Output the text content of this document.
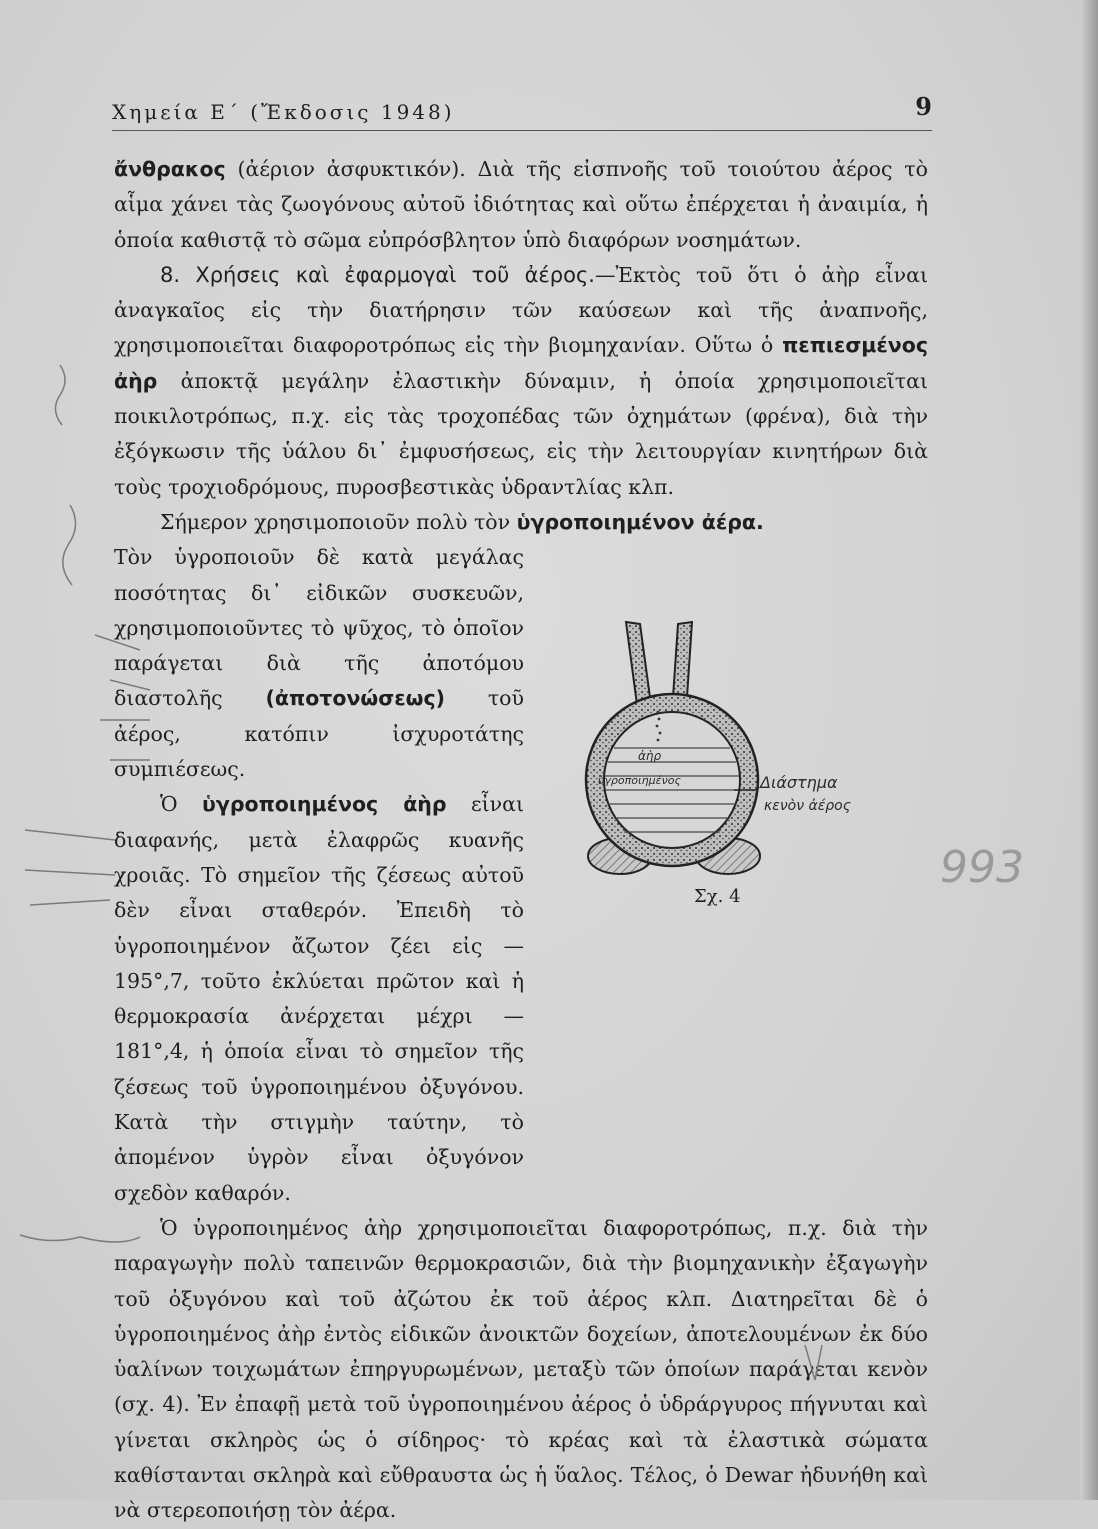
Χημεία Ε΄ (Ἔκδοσις 1948)	9

ἄνθρακος (ἀέριον ἀσφυκτικόν). Διὰ τῆς εἰσπνοῆς τοῦ τοιούτου ἀέρος τὸ αἷμα χάνει τὰς ζωογόνους αὐτοῦ ἰδιότητας καὶ οὕτω ἐπέρχεται ἡ ἀναιμία, ἡ ὁποία καθιστᾷ τὸ σῶμα εὐπρόσβλητον ὑπὸ διαφόρων νοσημάτων.

8. Χρήσεις καὶ ἐφαρμογαὶ τοῦ ἀέρος.—Ἐκτὸς τοῦ ὅτι ὁ ἀὴρ εἶναι ἀναγκαῖος εἰς τὴν διατήρησιν τῶν καύσεων καὶ τῆς ἀναπνοῆς, χρησιμοποιεῖται διαφοροτρόπως εἰς τὴν βιομηχανίαν. Οὕτω ὁ πεπιεσμένος ἀὴρ ἀποκτᾷ μεγάλην ἐλαστικὴν δύναμιν, ἡ ὁποία χρησιμοποιεῖται ποικιλοτρόπως, π.χ. εἰς τὰς τροχοπέδας τῶν ὀχημάτων (φρένα), διὰ τὴν ἐξόγκωσιν τῆς ὑάλου δι᾽ ἐμφυσήσεως, εἰς τὴν λειτουργίαν κινητήρων διὰ τοὺς τροχιοδρόμους, πυροσβεστικὰς ὑδραντλίας κλπ.

Σήμερον χρησιμοποιοῦν πολὺ τὸν ὑγροποιημένον ἀέρα.

Τὸν ὑγροποιοῦν δὲ κατὰ μεγάλας ποσότητας δι᾽ εἰδικῶν συσκευῶν, χρησιμοποιοῦντες τὸ ψῦχος, τὸ ὁποῖον παράγεται διὰ τῆς ἀποτόμου διαστολῆς (ἀποτονώσεως) τοῦ ἀέρος, κατόπιν ἰσχυροτάτης συμπιέσεως.

Ὁ ὑγροποιημένος ἀὴρ εἶναι διαφανής, μετὰ ἐλαφρῶς κυανῆς χροιᾶς. Τὸ σημεῖον τῆς ζέσεως αὐτοῦ δὲν εἶναι σταθερόν. Ἐπειδὴ τὸ ὑγροποιημένον ἄζωτον ζέει εἰς — 195°,7, τοῦτο ἐκλύεται πρῶτον καὶ ἡ θερμοκρασία ἀνέρχεται μέχρι — 181°,4, ἡ ὁποία εἶναι τὸ σημεῖον τῆς ζέσεως τοῦ ὑγροποιημένου ὀξυγόνου. Κατὰ τὴν στιγμὴν ταύτην, τὸ ἀπομένον ὑγρὸν εἶναι ὀξυγόνον σχεδὸν καθαρόν.

Ὁ ὑγροποιημένος ἀὴρ χρησιμοποιεῖται διαφοροτρόπως, π.χ. διὰ τὴν παραγωγὴν πολὺ ταπεινῶν θερμοκρασιῶν, διὰ τὴν βιομηχανικὴν ἐξαγωγὴν τοῦ ὀξυγόνου καὶ τοῦ ἀζώτου ἐκ τοῦ ἀέρος κλπ. Διατηρεῖται δὲ ὁ ὑγροποιημένος ἀὴρ ἐντὸς εἰδικῶν ἀνοικτῶν δοχείων, ἀποτελουμένων ἐκ δύο ὑαλίνων τοιχωμάτων ἐπηργυρωμένων, μεταξὺ τῶν ὁποίων παράγεται κενὸν (σχ. 4). Ἐν ἐπαφῇ μετὰ τοῦ ὑγροποιημένου ἀέρος ὁ ὑδράργυρος πήγνυται καὶ γίνεται σκληρὸς ὡς ὁ σίδηρος· τὸ κρέας καὶ τὰ ἐλαστικὰ σώματα καθίστανται σκληρὰ καὶ εὔθραυστα ὡς ἡ ὕαλος. Τέλος, ὁ Dewar ἠδυνήθη καὶ νὰ στερεοποιήσῃ τὸν ἀέρα.

ἀὴρ
ὑγροποιημένος	Διάστημα
κενὸν ἀέρος
Σχ. 4
993
